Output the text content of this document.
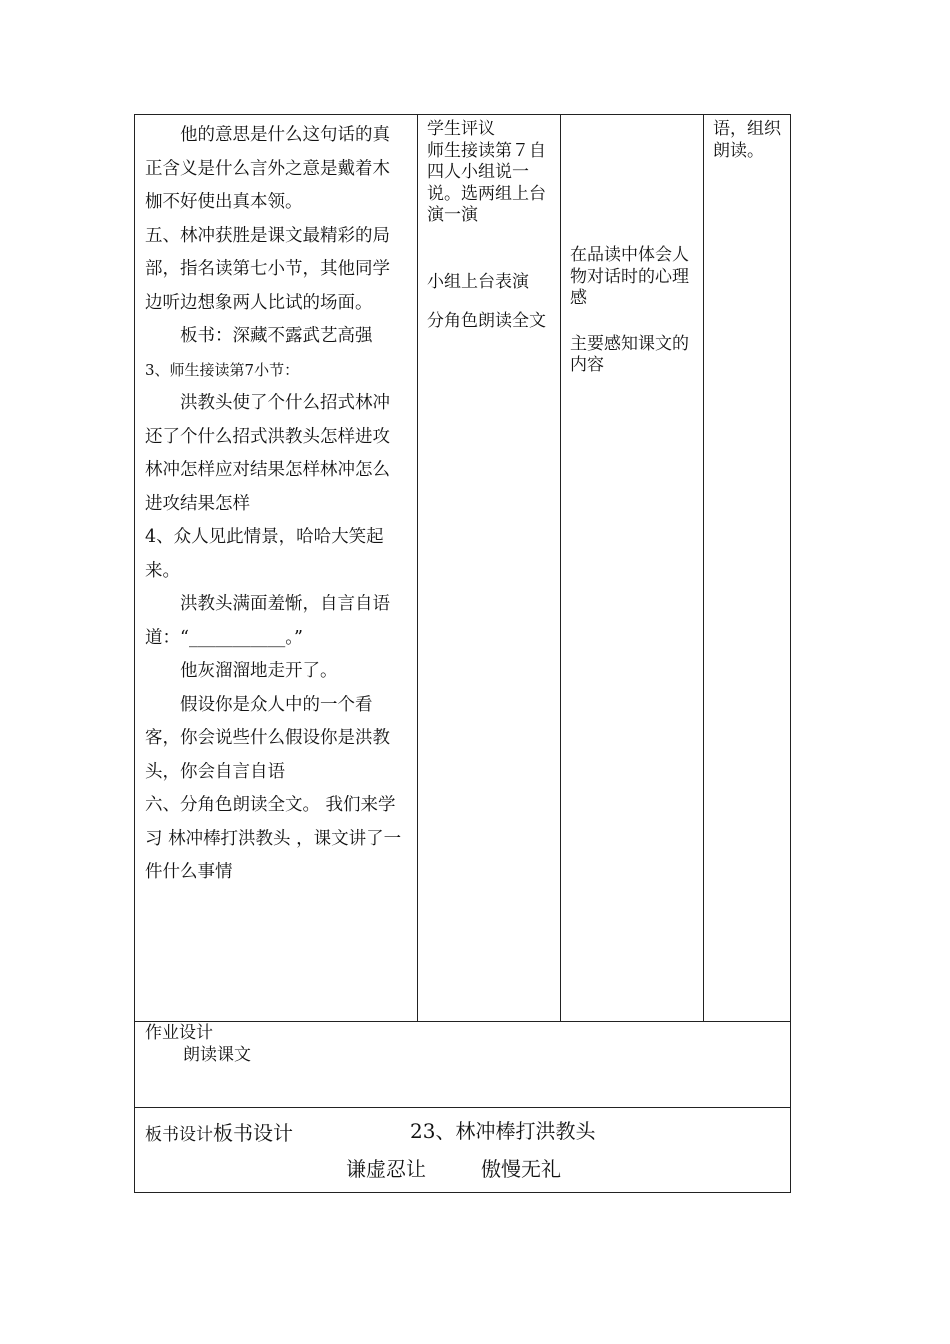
他的意思是什么这句话的真正含义是什么言外之意是戴着木枷不好使出真本领。

五、林冲获胜是课文最精彩的局部，指名读第七小节，其他同学边听边想象两人比试的场面。

板书：深藏不露武艺高强

3、师生接读第7小节：

洪教头使了个什么招式林冲还了个什么招式洪教头怎样进攻林冲怎样应对结果怎样林冲怎么进攻结果怎样

4、众人见此情景，哈哈大笑起来。

洪教头满面羞惭，自言自语道：“___________。”

他灰溜溜地走开了。

假设你是众人中的一个看客，你会说些什么假设你是洪教头，你会自言自语

六、分角色朗读全文。 我们来学习 林冲棒打洪教头 ，课文讲了一件什么事情

学生评议
师生接读第７自
四人小组说一说。选两组上台演一演
小组上台表演
分角色朗读全文
在品读中体会人物对话时的心理感
主要感知课文的内容
语，组织朗读。
作业设计
朗读课文
板书设计板书设计	23、林冲棒打洪教头
谦虚忍让	傲慢无礼
